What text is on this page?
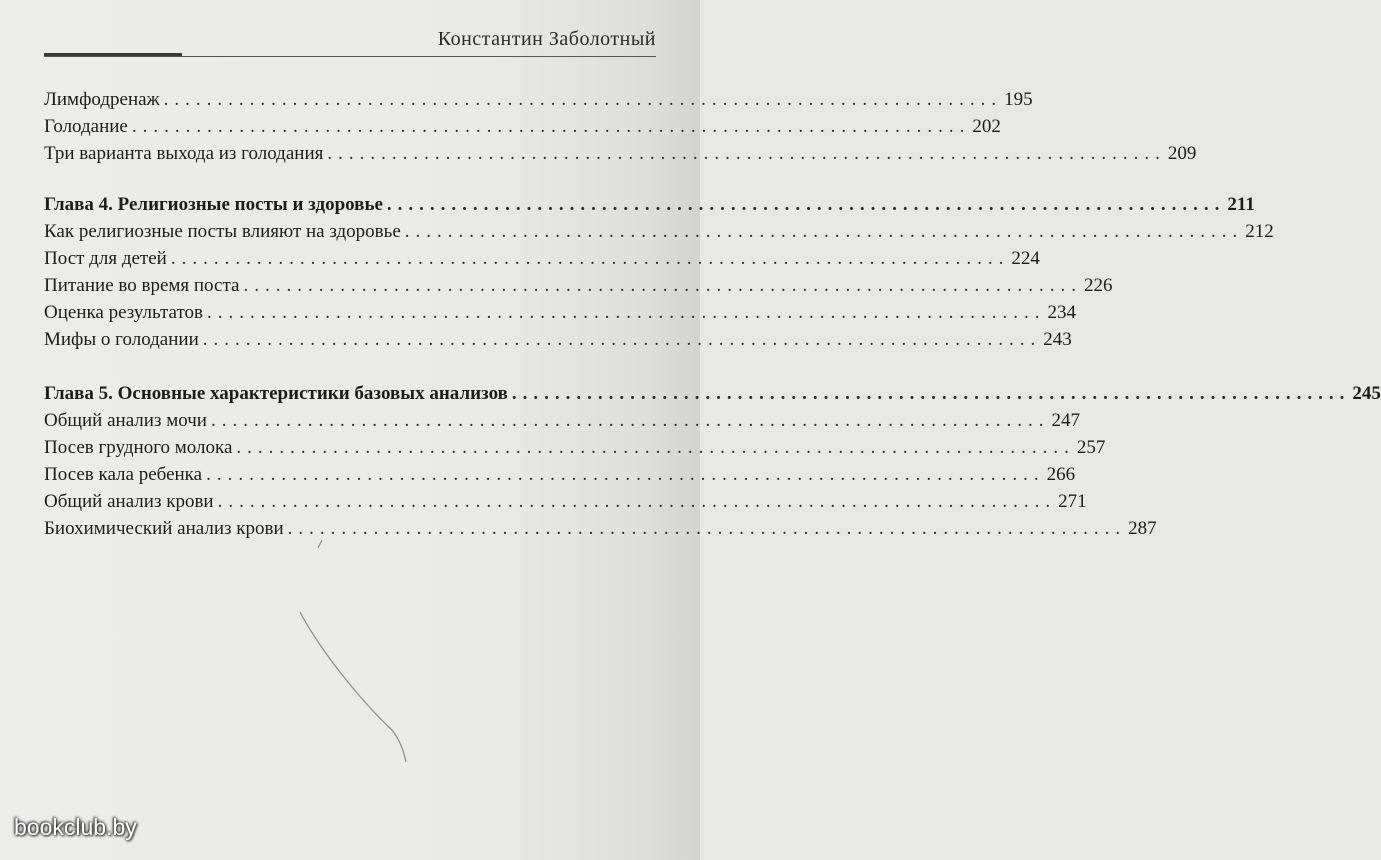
Константин Заболотный
Лимфодренаж .............................................................................. 195
Голодание .............................................................................. 202
Три варианта выхода из голодания .............................................................................. 209
Глава 4. Религиозные посты и здоровье .............................................................................. 211
Как религиозные посты влияют на здоровье .............................................................................. 212
Пост для детей .............................................................................. 224
Питание во время поста .............................................................................. 226
Оценка результатов .............................................................................. 234
Мифы о голодании .............................................................................. 243
Глава 5. Основные характеристики базовых анализов .............................................................................. 245
Общий анализ мочи .............................................................................. 247
Посев грудного молока .............................................................................. 257
Посев кала ребенка .............................................................................. 266
Общий анализ крови .............................................................................. 271
Биохимический анализ крови .............................................................................. 287
bookclub.by
